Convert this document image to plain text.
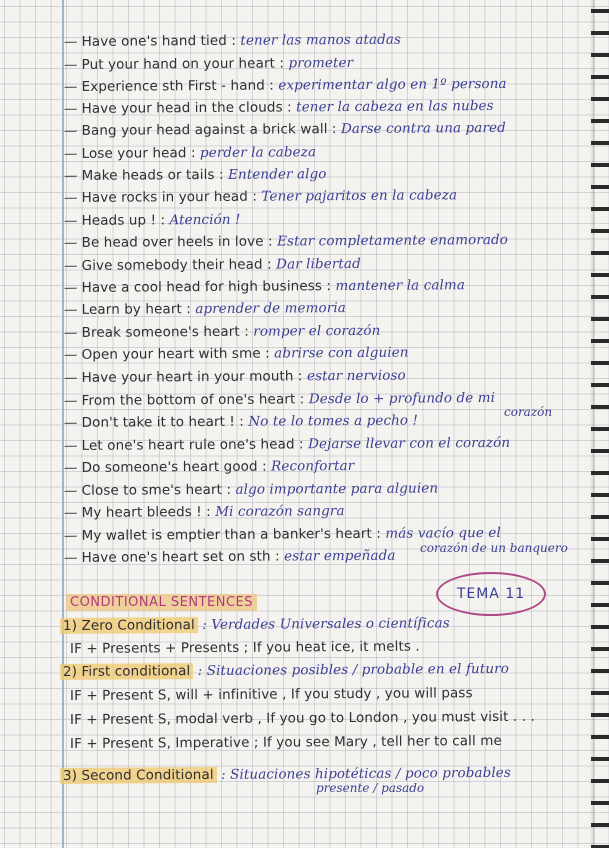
— Have one's hand tied : tener las manos atadas
— Put your hand on your heart : prometer
— Experience sth First - hand : experimentar algo en 1º persona
— Have your head in the clouds : tener la cabeza en las nubes
— Bang your head against a brick wall : Darse contra una pared
— Lose your head : perder la cabeza
— Make heads or tails : Entender algo
— Have rocks in your head : Tener pajaritos en la cabeza
— Heads up ! : Atención !
— Be head over heels in love : Estar completamente enamorado
— Give somebody their head : Dar libertad
— Have a cool head for high business : mantener la calma
— Learn by heart : aprender de memoria
— Break someone's heart : romper el corazón
— Open your heart with sme : abrirse con alguien
— Have your heart in your mouth : estar nervioso
— From the bottom of one's heart : Desde lo + profundo de mi
— Don't take it to heart ! : No te lo tomes a pecho !
— Let one's heart rule one's head : Dejarse llevar con el corazón
— Do someone's heart good : Reconfortar
— Close to sme's heart : algo importante para alguien
— My heart bleeds ! : Mi corazón sangra
— My wallet is emptier than a banker's heart : más vacío que el
— Have one's heart set on sth : estar empeñada
corazón
corazón de un banquero
CONDITIONAL SENTENCES
TEMA 11
1) Zero Conditional : Verdades Universales o científicas
IF + Presents + Presents ; If you heat ice, it melts .
2) First conditional : Situaciones posibles / probable en el futuro
IF + Present S, will + infinitive , If you study , you will pass
IF + Present S, modal verb , If you go to London , you must visit . . .
IF + Present S, Imperative ; If you see Mary , tell her to call me
3) Second Conditional : Situaciones hipotéticas / poco probables
presente / pasado
